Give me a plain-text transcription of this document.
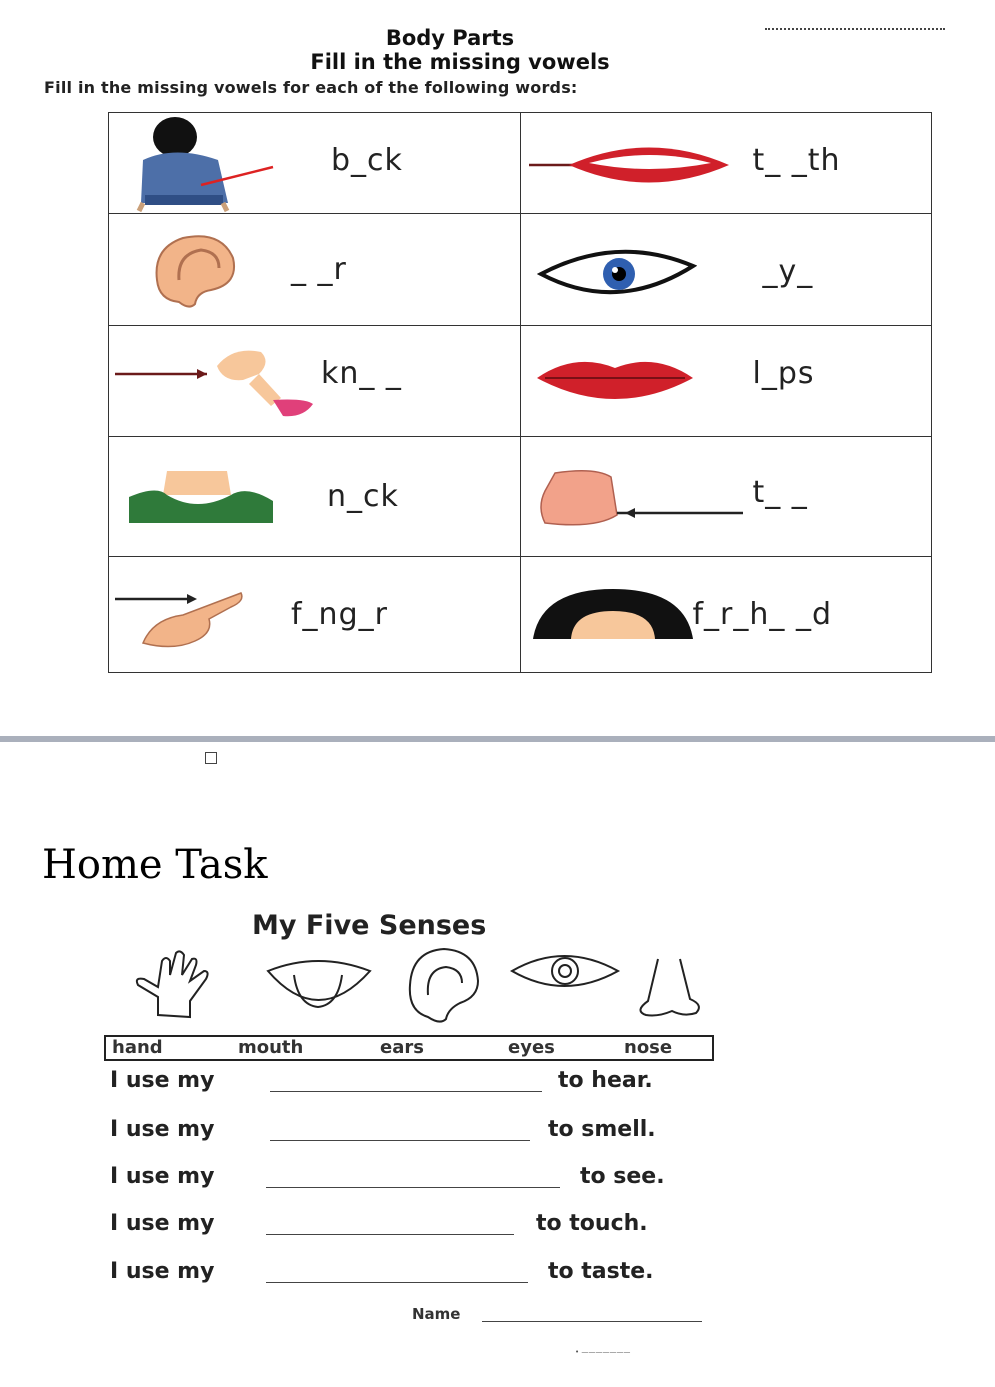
Body Parts
Fill in the missing vowels
Fill in the missing vowels for each of the following words:
b_ck	t_ _th

_ _r	_y_

kn_ _	l_ps

n_ck	t_ _

f_ng_r	f_r_h_ _d
Home Task
My Five Senses
hand	mouth	ears	eyes	nose
I use my	to hear.
I use my	to smell.
I use my	to see.
I use my	to touch.
I use my	to taste.
Name
• ———————
